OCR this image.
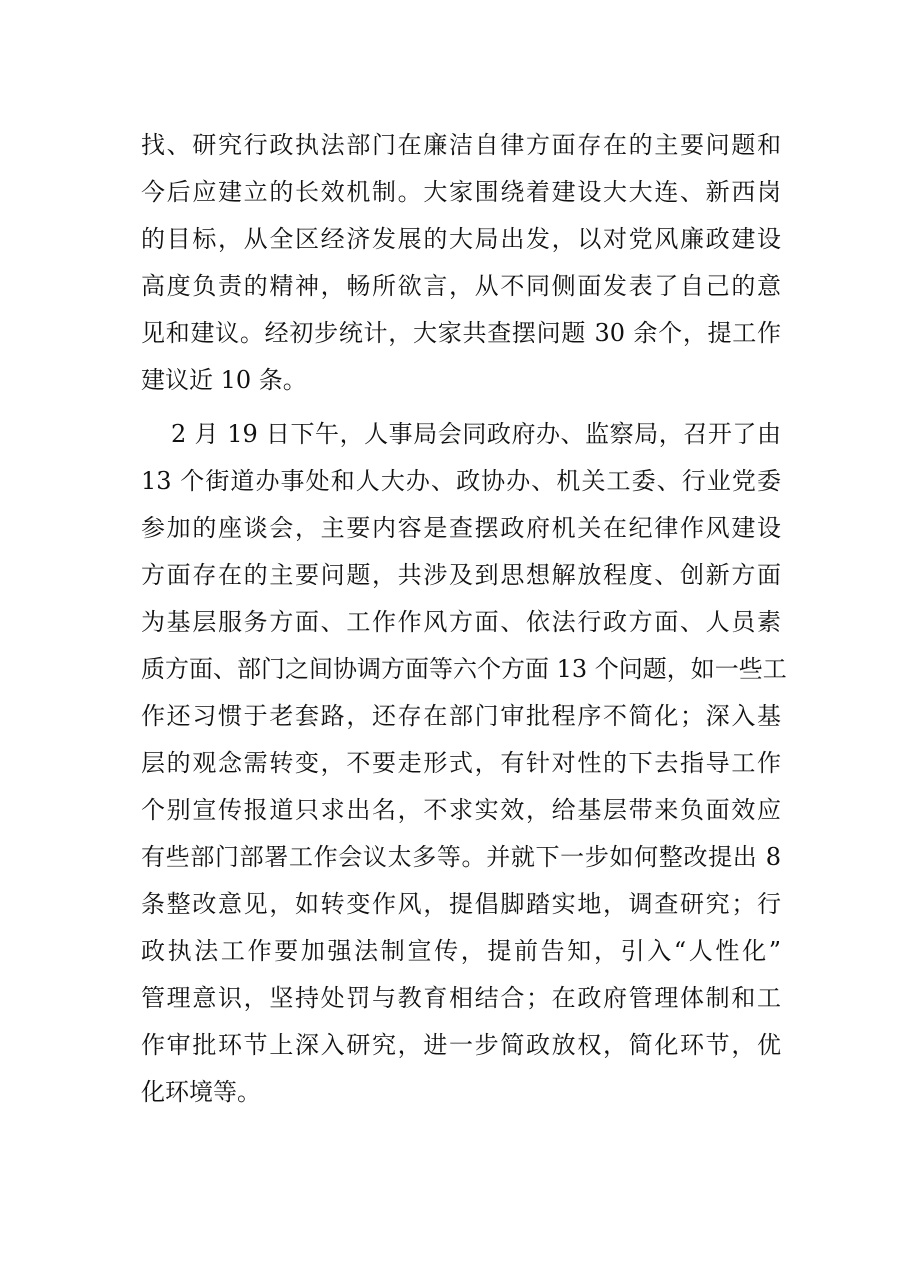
找、研究行政执法部门在廉洁自律方面存在的主要问题和
今后应建立的长效机制。大家围绕着建设大大连、新西岗
的目标，从全区经济发展的大局出发，以对党风廉政建设
高度负责的精神，畅所欲言，从不同侧面发表了自己的意
见和建议。经初步统计，大家共查摆问题 30 余个，提工作
建议近 10 条。
2 月 19 日下午，人事局会同政府办、监察局，召开了由
13 个街道办事处和人大办、政协办、机关工委、行业党委
参加的座谈会，主要内容是查摆政府机关在纪律作风建设
方面存在的主要问题，共涉及到思想解放程度、创新方面
为基层服务方面、工作作风方面、依法行政方面、人员素
质方面、部门之间协调方面等六个方面 13 个问题，如一些工
作还习惯于老套路，还存在部门审批程序不简化；深入基
层的观念需转变，不要走形式，有针对性的下去指导工作
个别宣传报道只求出名，不求实效，给基层带来负面效应
有些部门部署工作会议太多等。并就下一步如何整改提出 8
条整改意见，如转变作风，提倡脚踏实地，调查研究；行
政执法工作要加强法制宣传，提前告知，引入“人性化”
管理意识，坚持处罚与教育相结合；在政府管理体制和工
作审批环节上深入研究，进一步简政放权，简化环节，优
化环境等。
